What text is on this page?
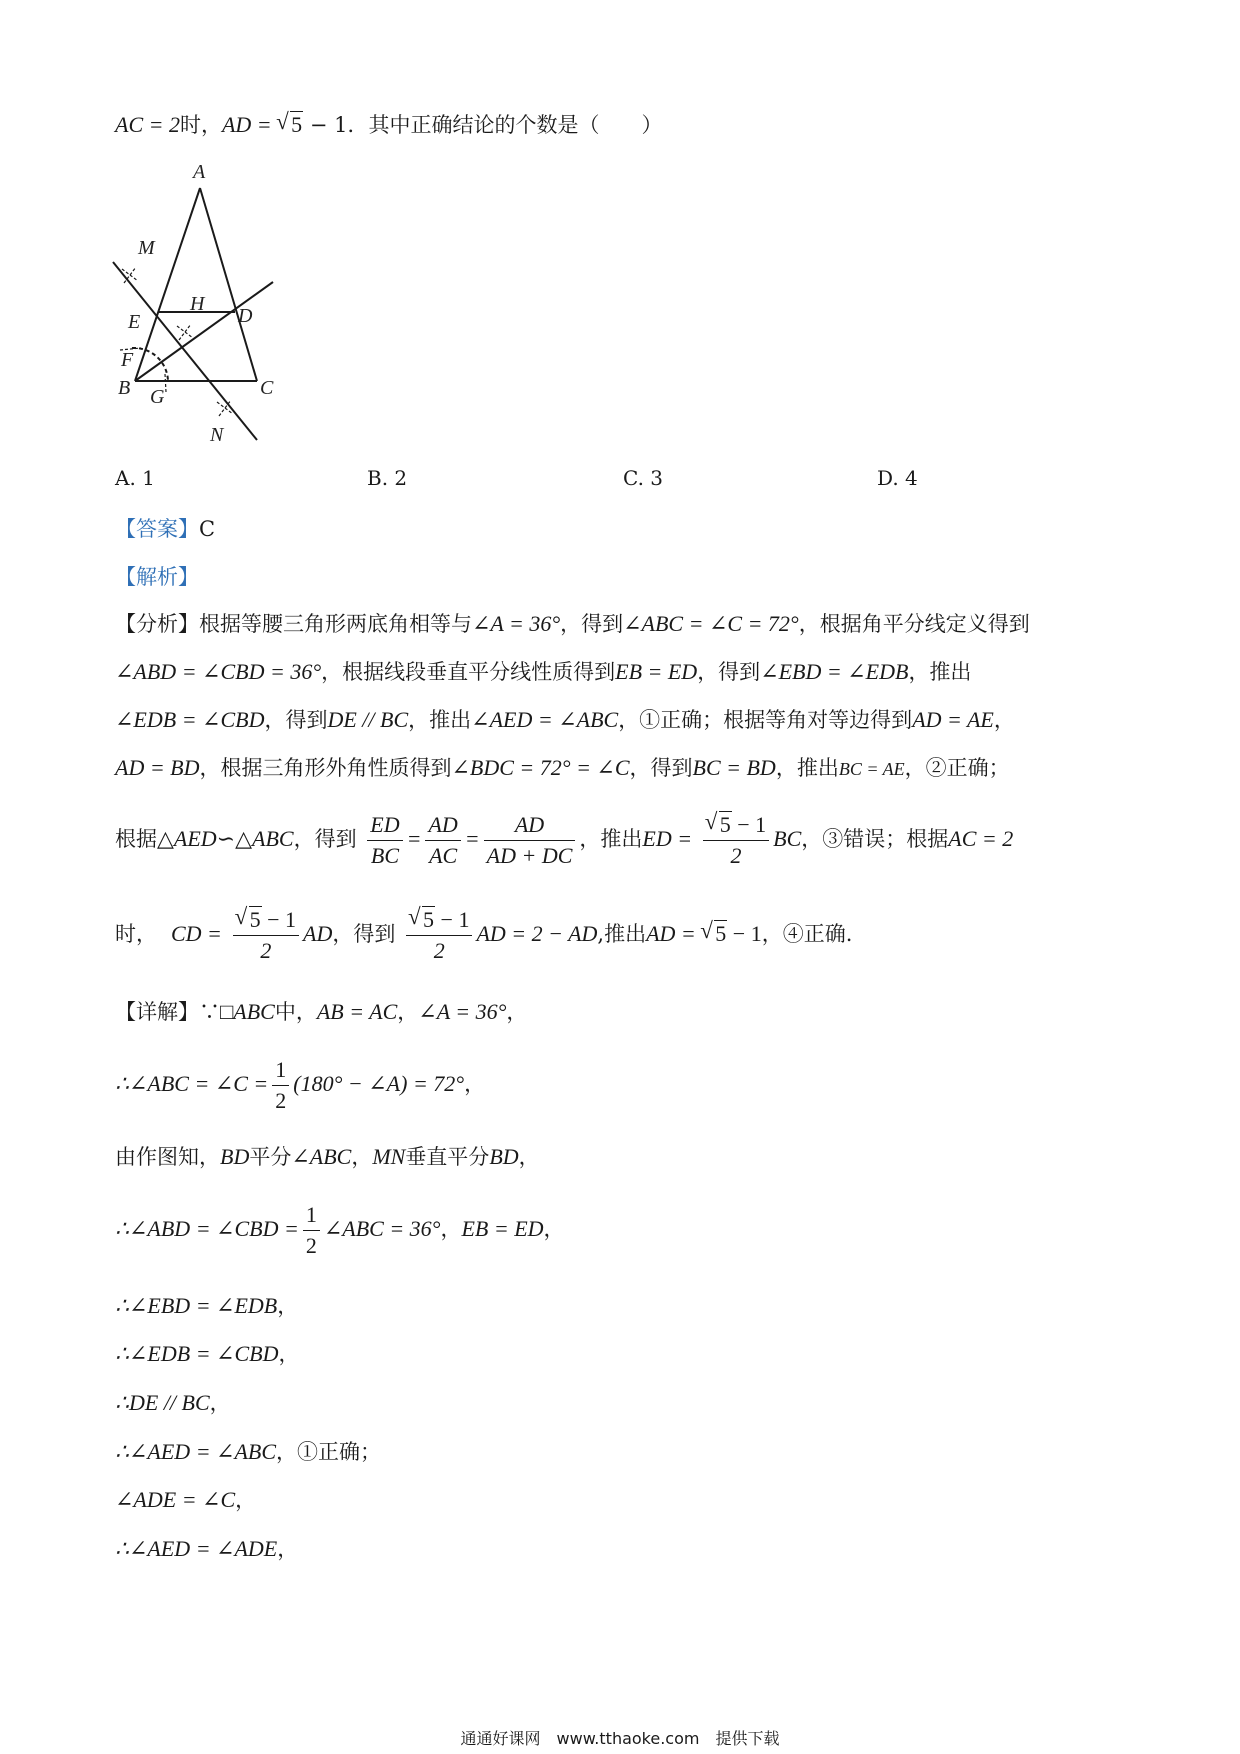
AC = 2时，AD = √ 5 − 1．其中正确结论的个数是（　　）
A
M
E
H
D
F
B G	C
N
A. 1	B. 2	C. 3	D. 4
【答案】C
【解析】
【分析】根据等腰三角形两底角相等与∠A = 36°，得到∠ABC = ∠C = 72°，根据角平分线定义得到
∠ABD = ∠CBD = 36°，根据线段垂直平分线性质得到EB = ED，得到∠EBD = ∠EDB，推出
∠EDB = ∠CBD，得到DE // BC，推出∠AED = ∠ABC，①正确；根据等角对等边得到AD = AE，
AD = BD，根据三角形外角性质得到∠BDC = 72° = ∠C，得到BC = BD，推出BC = AE，②正确；
根据△AED∽△ABC，得到 $\frac{ED}{BC} = \frac{AD}{AC} = \frac{AD}{AD + DC}$ ，推出ED = √ $\frac{5 - 1}{2}$ BC，③错误；根据AC = 2
时， CD = √ $\frac{5 - 1}{2}$ AD，得到 √ $\frac{5 - 1}{2}$ AD = 2 − AD,推出AD = √ 5 − 1，④正确.
【详解】∵□ABC中，AB = AC，∠A = 36°，
∴∠ABC = ∠C = $\frac{1}{2} (180^\circ$ − ∠A) = 72°，
由作图知，BD平分∠ABC，MN垂直平分BD，
∴∠ABD = ∠CBD = $\frac{1}{2}$ ∠ABC = 36°，EB = ED，
∴∠EBD = ∠EDB，
∴∠EDB = ∠CBD，
∴DE // BC，
∴∠AED = ∠ABC，①正确；
∠ADE = ∠C，
∴∠AED = ∠ADE，
通通好课网　www.tthaoke.com　提供下载
